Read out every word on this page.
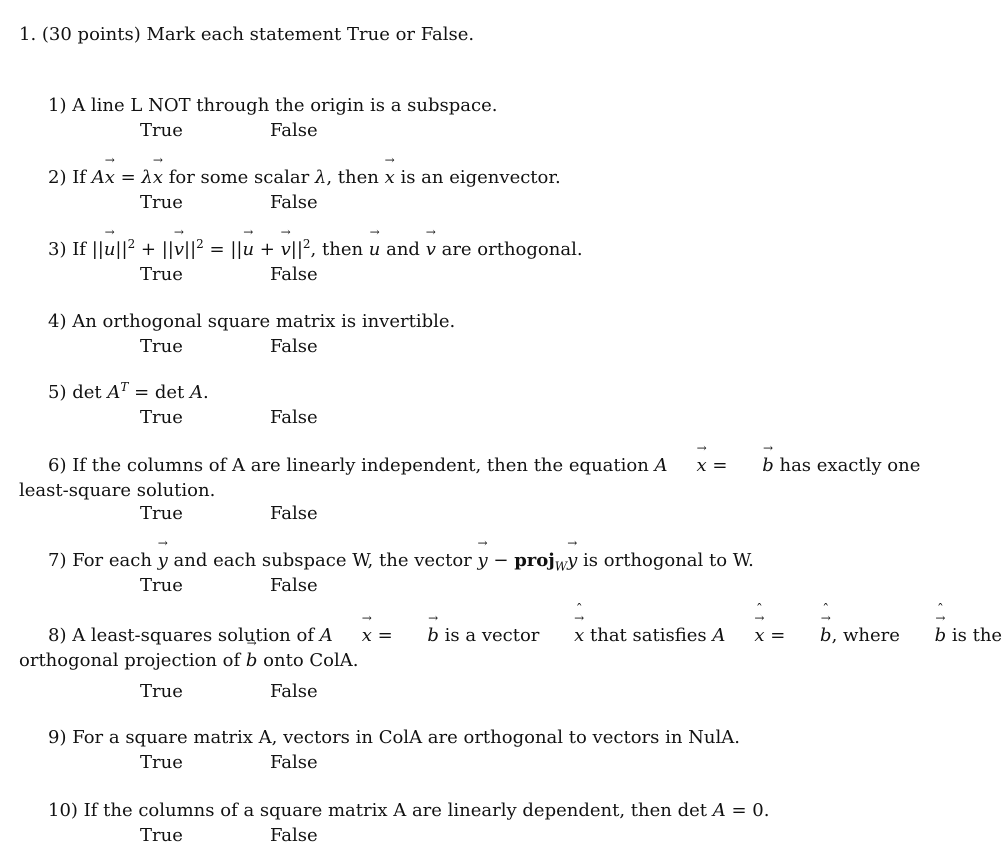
1. (30 points) Mark each statement True or False.
1) A line L NOT through the origin is a subspace.
True	False
2) If Ax → = λx → for some scalar λ, then x → is an eigenvector.
True	False
3) If $||u \to||^2 + ||v \to||^2 = ||u$ → + $v \to||^2$, then u → and v → are orthogonal.
True	False
4) An orthogonal square matrix is invertible.
True	False
5) $\det A^T = \det A$.
True	False
6) If the columns of A are linearly independent, then the equation A x → = b → has exactly one
least-square solution.
True	False
7) For each y → and each subspace W, the vector y → − proj$_W$y → is orthogonal to W.
True	False
8) A least-squares solution of A x → = b → is a vector ˆ x → that satisfies Aˆ x → = ˆ b →, where ˆ b → is the
orthogonal projection of b → onto ColA.
True	False
9) For a square matrix A, vectors in ColA are orthogonal to vectors in NulA.
True	False
10) If the columns of a square matrix A are linearly dependent, then det A = 0.
True	False
